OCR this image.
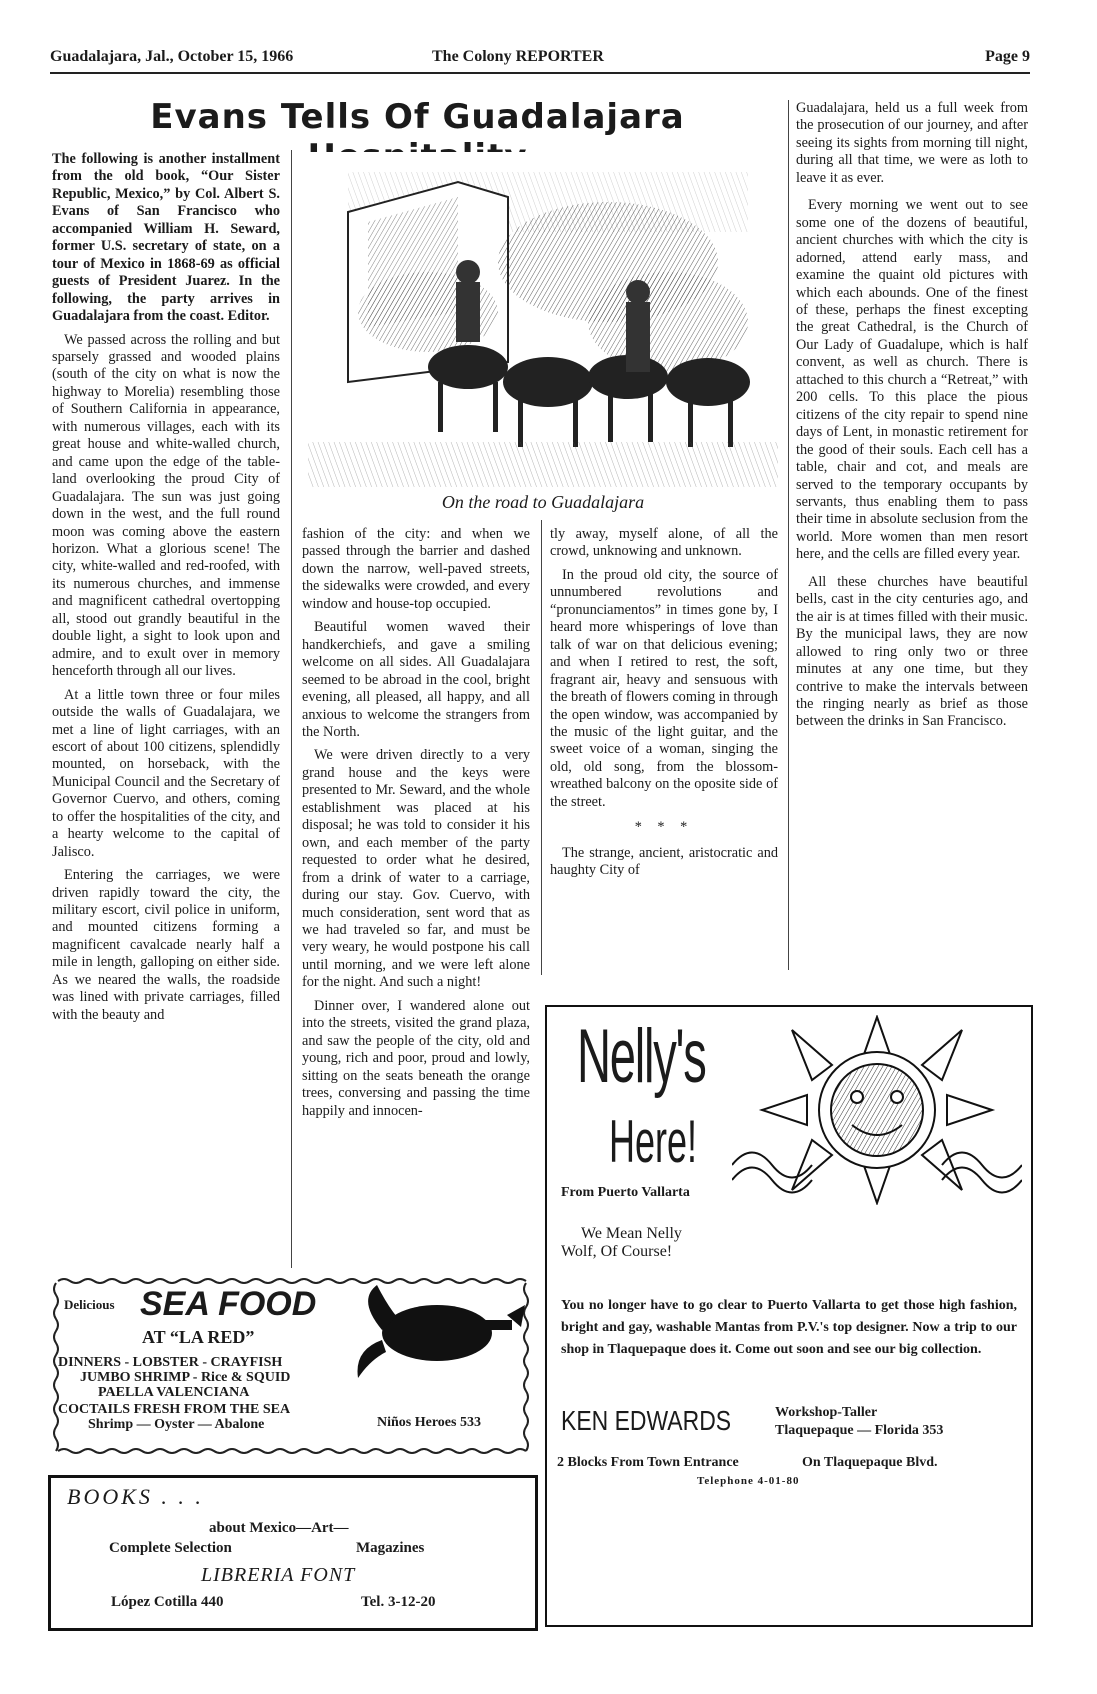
Guadalajara, Jal., October 15, 1966	The Colony REPORTER	Page 9
Evans Tells Of Guadalajara

The following is another installment from the old book, “Our Sister Republic, Mexico,” by Col. Albert S. Evans of San Francisco who accompanied William H. Seward, former U.S. secretary of state, on a tour of Mexico in 1868-69 as official guests of President Juarez. In the following, the party arrives in Guadalajara from the coast. Editor.

We passed across the rolling and but sparsely grassed and wooded plains (south of the city on what is now the highway to Morelia) resembling those of Southern California in appearance, with numerous villages, each with its great house and white-walled church, and came upon the edge of the table-land overlooking the proud City of Guadalajara. The sun was just going down in the west, and the full round moon was coming above the eastern horizon. What a glorious scene! The city, white-walled and red-roofed, with its numerous churches, and immense and magnificent cathedral overtopping all, stood out grandly beautiful in the double light, a sight to look upon and admire, and to exult over in memory henceforth through all our lives.

At a little town three or four miles outside the walls of Guadalajara, we met a line of light carriages, with an escort of about 100 citizens, splendidly mounted, on horseback, with the Municipal Council and the Secretary of Governor Cuervo, and others, coming to offer the hospitalities of the city, and a hearty welcome to the capital of Jalisco.

Entering the carriages, we were driven rapidly toward the city, the military escort, civil police in uniform, and mounted citizens forming a magnificent cavalcade nearly half a mile in length, galloping on either side. As we neared the walls, the roadside was lined with private carriages, filled with the beauty and

On the road to Guadalajara

fashion of the city: and when we passed through the barrier and dashed down the narrow, well-paved streets, the sidewalks were crowded, and every window and house-top occupied.

Beautiful women waved their handkerchiefs, and gave a smiling welcome on all sides. All Guadalajara seemed to be abroad in the cool, bright evening, all pleased, all happy, and all anxious to welcome the strangers from the North.

We were driven directly to a very grand house and the keys were presented to Mr. Seward, and the whole establishment was placed at his disposal; he was told to consider it his own, and each member of the party requested to order what he desired, from a drink of water to a carriage, during our stay. Gov. Cuervo, with much consideration, sent word that as we had traveled so far, and must be very weary, he would postpone his call until morning, and we were left alone for the night. And such a night!

Dinner over, I wandered alone out into the streets, visited the grand plaza, and saw the people of the city, old and young, rich and poor, proud and lowly, sitting on the seats beneath the orange trees, conversing and passing the time happily and innocen-

tly away, myself alone, of all the crowd, unknowing and unknown.

In the proud old city, the source of unnumbered revolutions and “pronunciamentos” in times gone by, I heard more whisperings of love than talk of war on that delicious evening; and when I retired to rest, the soft, fragrant air, heavy and sensuous with the breath of flowers coming in through the open window, was accompanied by the music of the light guitar, and the sweet voice of a woman, singing the old, old song, from the blossom-wreathed balcony on the oposite side of the street.

* * *

The strange, ancient, aristocratic and haughty City of

Guadalajara, held us a full week from the prosecution of our journey, and after seeing its sights from morning till night, during all that time, we were as loth to leave it as ever.

Every morning we went out to see some one of the dozens of beautiful, ancient churches with which the city is adorned, attend early mass, and examine the quaint old pictures with which each abounds. One of the finest of these, perhaps the finest excepting the great Cathedral, is the Church of Our Lady of Guadalupe, which is half convent, as well as church. There is attached to this church a “Retreat,” with 200 cells. To this place the pious citizens of the city repair to spend nine days of Lent, in monastic retirement for the good of their souls. Each cell has a table, chair and cot, and meals are served to the temporary occupants by servants, thus enabling them to pass their time in absolute seclusion from the world. More women than men resort here, and the cells are filled every year.

All these churches have beautiful bells, cast in the city centuries ago, and the air is at times filled with their music. By the municipal laws, they are now allowed to ring only two or three minutes at any one time, but they contrive to make the intervals between the ringing nearly as brief as those between the drinks in San Francisco.

Delicious SEA FOOD
AT “LA RED”
DINNERS - LOBSTER - CRAYFISH
JUMBO SHRIMP - Rice & SQUID
PAELLA VALENCIANA
COCTAILS FRESH FROM THE SEA
Shrimp — Oyster — Abalone	Niños Heroes 533
BOOKS . . .
about Mexico—Art—
Complete Selection	Magazines
LIBRERIA FONT
López Cotilla 440	Tel. 3-12-20
Nelly's
Here!
From Puerto Vallarta
We Mean Nelly
Wolf, Of Course!
You no longer have to go clear to Puerto Vallarta to get those high fashion, bright and gay, washable Mantas from P.V.'s top designer. Now a trip to our shop in Tlaquepaque does it. Come out soon and see our big collection.
KEN EDWARDS	Workshop-Taller
Tlaquepaque — Florida 353
2 Blocks From Town Entrance	On Tlaquepaque Blvd.
Telephone 4-01-80
